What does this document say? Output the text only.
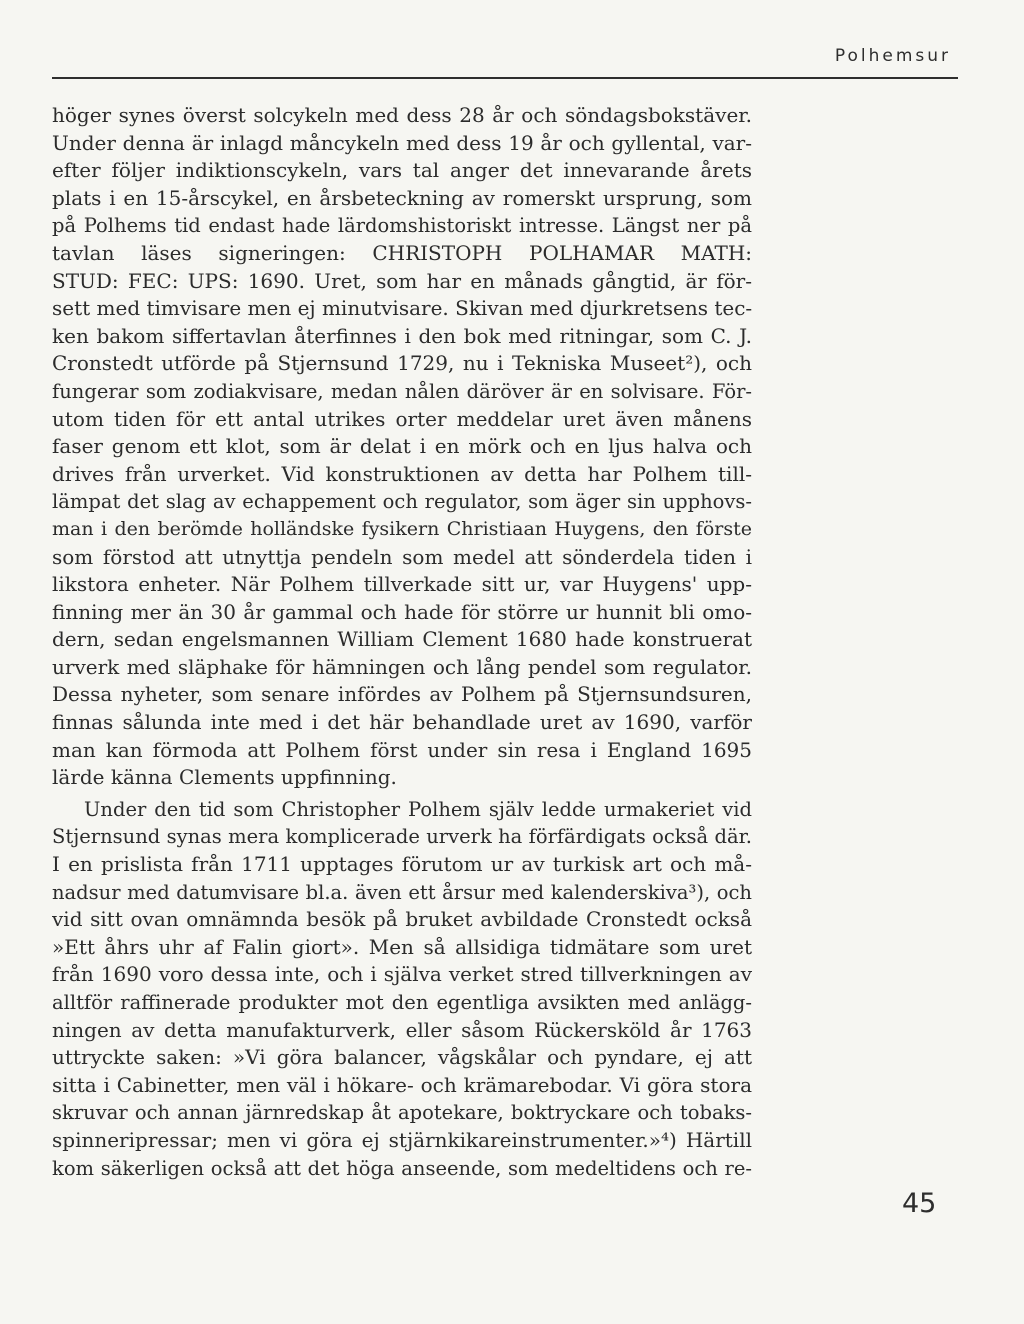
Polhemsur
höger synes överst solcykeln med dess 28 år och söndagsbokstäver.
Under denna är inlagd måncykeln med dess 19 år och gyllental, var-
efter följer indiktionscykeln, vars tal anger det innevarande årets
plats i en 15-årscykel, en årsbeteckning av romerskt ursprung, som
på Polhems tid endast hade lärdomshistoriskt intresse. Längst ner på
tavlan läses signeringen: CHRISTOPH POLHAMAR MATH:
STUD: FEC: UPS: 1690. Uret, som har en månads gångtid, är för-
sett med timvisare men ej minutvisare. Skivan med djurkretsens tec-
ken bakom siffertavlan återfinnes i den bok med ritningar, som C. J.
Cronstedt utförde på Stjernsund 1729, nu i Tekniska Museet²), och
fungerar som zodiakvisare, medan nålen däröver är en solvisare. För-
utom tiden för ett antal utrikes orter meddelar uret även månens
faser genom ett klot, som är delat i en mörk och en ljus halva och
drives från urverket. Vid konstruktionen av detta har Polhem till-
lämpat det slag av echappement och regulator, som äger sin upphovs-
man i den berömde holländske fysikern Christiaan Huygens, den förste
som förstod att utnyttja pendeln som medel att sönderdela tiden i
likstora enheter. När Polhem tillverkade sitt ur, var Huygens' upp-
finning mer än 30 år gammal och hade för större ur hunnit bli omo-
dern, sedan engelsmannen William Clement 1680 hade konstruerat
urverk med släphake för hämningen och lång pendel som regulator.
Dessa nyheter, som senare infördes av Polhem på Stjernsundsuren,
finnas sålunda inte med i det här behandlade uret av 1690, varför
man kan förmoda att Polhem först under sin resa i England 1695
lärde känna Clements uppfinning.
Under den tid som Christopher Polhem själv ledde urmakeriet vid
Stjernsund synas mera komplicerade urverk ha förfärdigats också där.
I en prislista från 1711 upptages förutom ur av turkisk art och må-
nadsur med datumvisare bl.a. även ett årsur med kalenderskiva³), och
vid sitt ovan omnämnda besök på bruket avbildade Cronstedt också
»Ett åhrs uhr af Falin giort». Men så allsidiga tidmätare som uret
från 1690 voro dessa inte, och i själva verket stred tillverkningen av
alltför raffinerade produkter mot den egentliga avsikten med anlägg-
ningen av detta manufakturverk, eller såsom Rückersköld år 1763
uttryckte saken: »Vi göra balancer, vågskålar och pyndare, ej att
sitta i Cabinetter, men väl i hökare- och krämarebodar. Vi göra stora
skruvar och annan järnredskap åt apotekare, boktryckare och tobaks-
spinneripressar; men vi göra ej stjärnkikareinstrumenter.»⁴) Härtill
kom säkerligen också att det höga anseende, som medeltidens och re-
45
